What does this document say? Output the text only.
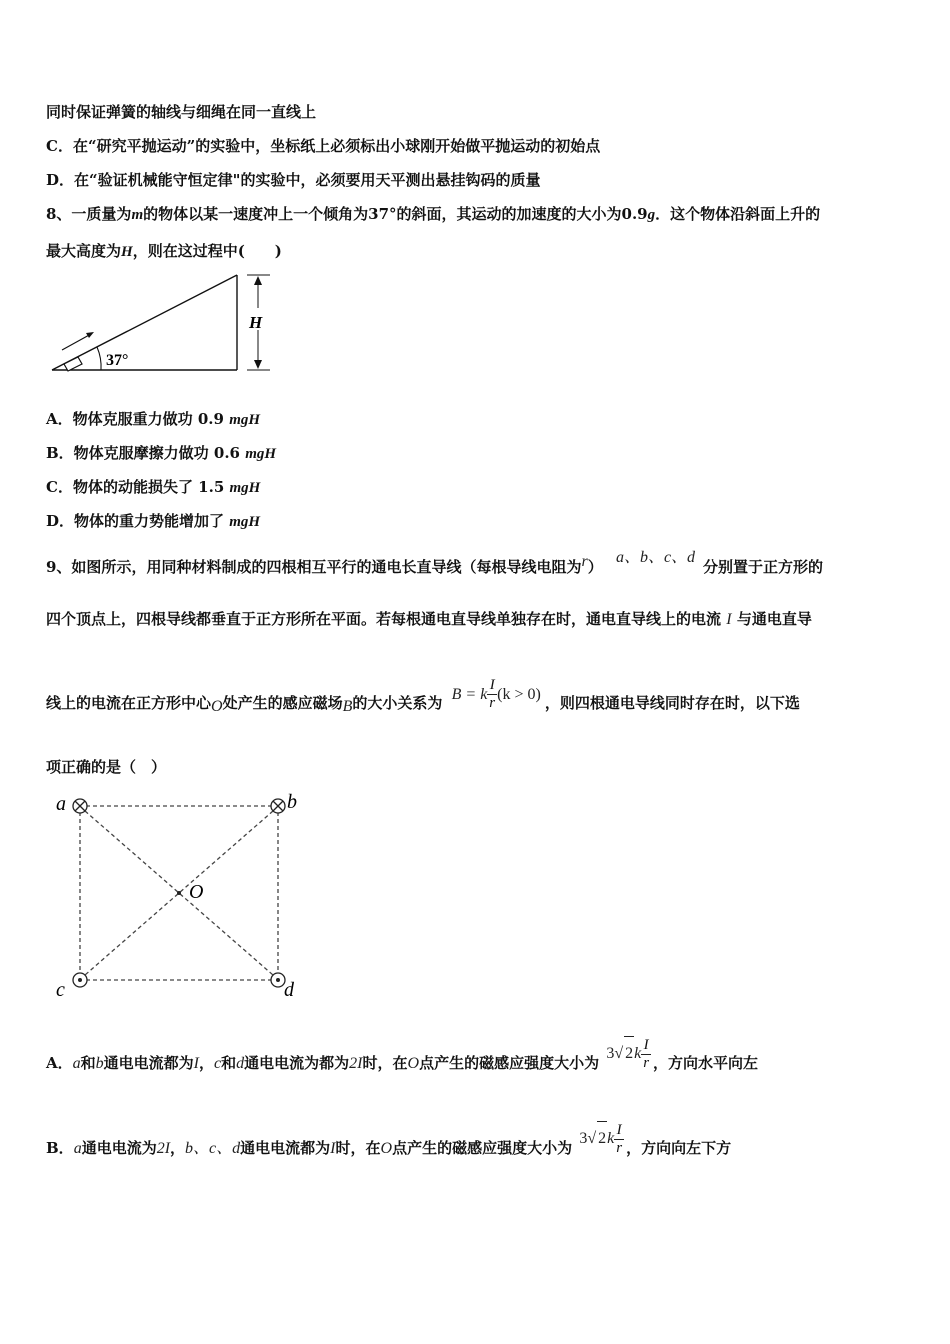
同时保证弹簧的轴线与细绳在同一直线上
C．在“研究平抛运动”的实验中，坐标纸上必须标出小球刚开始做平抛运动的初始点
D．在“验证机械能守恒定律"的实验中，必须要用天平测出悬挂钩码的质量
8、一质量为m的物体以某一速度冲上一个倾角为37°的斜面，其运动的加速度的大小为0.9g．这个物体沿斜面上升的
最大高度为H，则在这过程中(　　)
37°
H
A．物体克服重力做功 0.9 mgH
B．物体克服摩擦力做功 0.6 mgH
C．物体的动能损失了 1.5 mgH
D．物体的重力势能增加了 mgH
9、如图所示，用同种材料制成的四根相互平行的通电长直导线（每根导线电阻为r） a、b、c、d分别置于正方形的
四个顶点上，四根导线都垂直于正方形所在平面。若每根通电直导线单独存在时，通电直导线上的电流 I 与通电直导
线上的电流在正方形中心O处产生的感应磁场B的大小关系为 B = k $\frac{I}{r} (k > 0)$ ，则四根通电导线同时存在时，以下选
项正确的是（　）
a	b
c	d
O
A．a和b通电电流都为I，c和d通电电流为都为2I时，在O点产生的磁感应强度大小为 3√ $2k \frac{I}{r}$ ，方向水平向左
B．a通电电流为2I，b、c、d通电电流都为I时，在O点产生的磁感应强度大小为 3√ $2k \frac{I}{r}$ ，方向向左下方
